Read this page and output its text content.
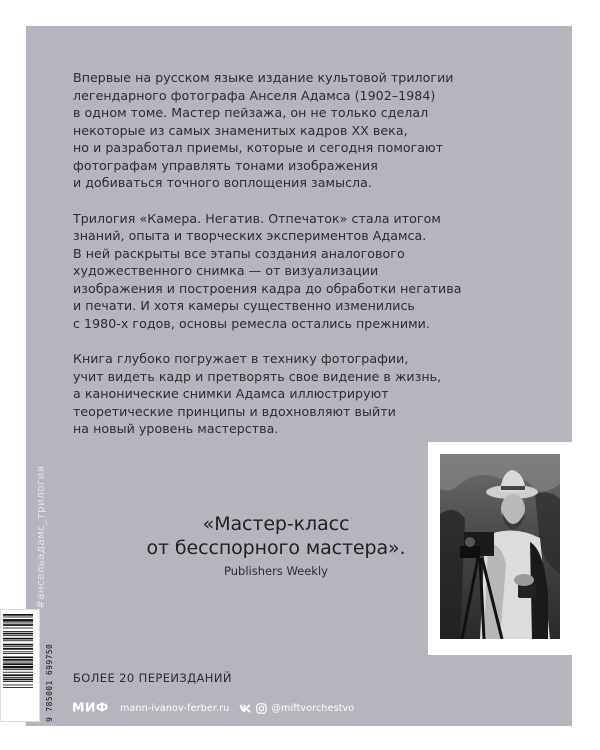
Впервые на русском языке издание культовой трилогии
легендарного фотографа Анселя Адамса (1902–1984)
в одном томе. Мастер пейзажа, он не только сделал
некоторые из самых знаменитых кадров XX века,
но и разработал приемы, которые и сегодня помогают
фотографам управлять тонами изображения
и добиваться точного воплощения замысла.

Трилогия «Камера. Негатив. Отпечаток» стала итогом
знаний, опыта и творческих экспериментов Адамса.
В ней раскрыты все этапы создания аналогового
художественного снимка — от визуализации
изображения и построения кадра до обработки негатива
и печати. И хотя камеры существенно изменились
с 1980-х годов, основы ремесла остались прежними.

Книга глубоко погружает в технику фотографии,
учит видеть кадр и претворять свое видение в жизнь,
а канонические снимки Адамса иллюстрируют
теоретические принципы и вдохновляют выйти
на новый уровень мастерства.

#ансельадамс_трилогия	«Мастер-класс
от бесспорного мастера».
Publishers Weekly
9 785001 699750 БОЛЕЕ 20 ПЕРЕИЗДАНИЙ
МИФ mann-ivanov-ferber.ru	@miftvorchestvo
